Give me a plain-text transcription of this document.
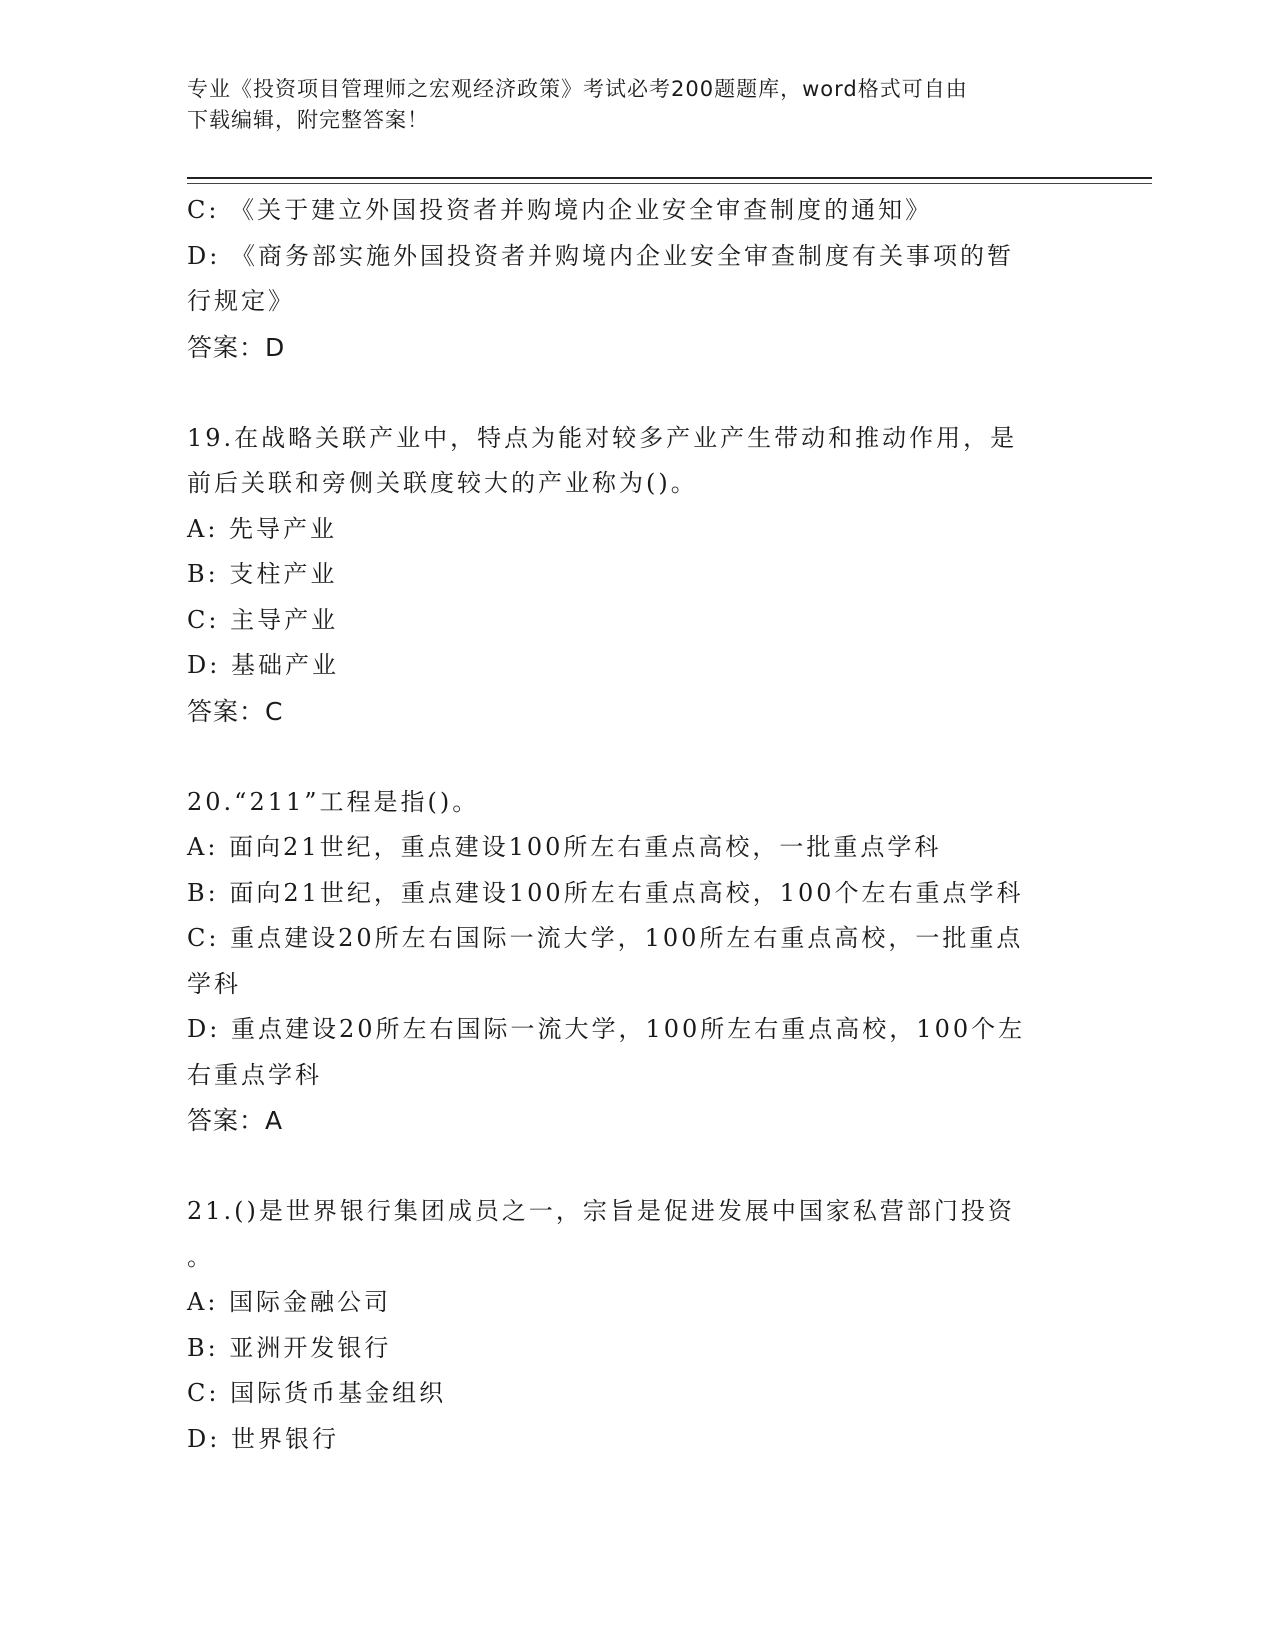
专业《投资项目管理师之宏观经济政策》考试必考200题题库，word格式可自由
下载编辑，附完整答案！

C: 《关于建立外国投资者并购境内企业安全审查制度的通知》

D: 《商务部实施外国投资者并购境内企业安全审查制度有关事项的暂

行规定》

答案：D

19.在战略关联产业中，特点为能对较多产业产生带动和推动作用，是

前后关联和旁侧关联度较大的产业称为()。

A: 先导产业

B: 支柱产业

C: 主导产业

D: 基础产业

答案：C

20.“211”工程是指()。

A: 面向21世纪，重点建设100所左右重点高校，一批重点学科

B: 面向21世纪，重点建设100所左右重点高校，100个左右重点学科

C: 重点建设20所左右国际一流大学，100所左右重点高校，一批重点

学科

D: 重点建设20所左右国际一流大学，100所左右重点高校，100个左

右重点学科

答案：A

21.()是世界银行集团成员之一，宗旨是促进发展中国家私营部门投资

。

A: 国际金融公司

B: 亚洲开发银行

C: 国际货币基金组织

D: 世界银行
